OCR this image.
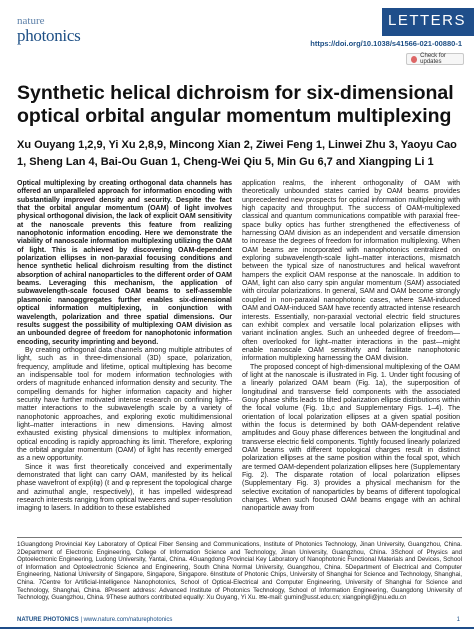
nature
photonics
LETTERS
https://doi.org/10.1038/s41566-021-00880-1
Check for updates
Synthetic helical dichroism for six-dimensional optical orbital angular momentum multiplexing
Xu Ouyang 1,2,9, Yi Xu 2,8,9, Mincong Xian 2, Ziwei Feng 1, Linwei Zhu 3, Yaoyu Cao 1, Sheng Lan 4, Bai-Ou Guan 1, Cheng-Wei Qiu 5, Min Gu 6,7 and Xiangping Li 1

Optical multiplexing by creating orthogonal data channels has offered an unparalleled approach for information encoding with substantially improved density and security. Despite the fact that the orbital angular momentum (OAM) of light involves physical orthogonal division, the lack of explicit OAM sensitivity at the nanoscale prevents this feature from realizing nanophotonic information encoding. Here we demonstrate the viability of nanoscale information multiplexing utilizing the OAM of light. This is achieved by discovering OAM-dependent polarization ellipses in non-paraxial focusing conditions and hence synthetic helical dichroism resulting from the distinct absorption of achiral nanoparticles to the different order of OAM beams. Leveraging this mechanism, the application of subwavelength-scale focused OAM beams to self-assemble plasmonic nanoaggregates further enables six-dimensional optical information multiplexing, in conjunction with wavelength, polarization and three spatial dimensions. Our results suggest the possibility of multiplexing OAM division as an unbounded degree of freedom for nanophotonic information encoding, security imprinting and beyond.

By creating orthogonal data channels among multiple attributes of light, such as in three-dimensional (3D) space, polarization, frequency, amplitude and lifetime, optical multiplexing has become an indispensable tool for modern information technologies with orders of magnitude enhanced information density and security. The compelling demands for higher information capacity and higher security have further motivated intense research on confining light–matter interactions to the subwavelength scale by a variety of nanophotonic approaches, and exploring exotic multidimensional light–matter interactions in new dimensions. Having almost exhausted existing physical dimensions to multiplex information, optical encoding is rapidly approaching its limit. Therefore, exploring the orbital angular momentum (OAM) of light has recently emerged as a new opportunity.

Since it was first theoretically conceived and experimentally demonstrated that light can carry OAM, manifested by its helical phase wavefront of exp(iℓφ) (ℓ and φ represent the topological charge and azimuthal angle, respectively), it has impelled widespread research interests ranging from optical tweezers and super-resolution imaging to lasers. In addition to these established

application realms, the inherent orthogonality of OAM with theoretically unbounded states carried by OAM beams provides unprecedented new prospects for optical information multiplexing with high capacity and throughput. The success of OAM-multiplexed classical and quantum communications compatible with paraxial free-space bulky optics has further strengthened the effectiveness of harnessing OAM division as an independent and versatile dimension to increase the degrees of freedom for information multiplexing. When OAM beams are incorporated with nanophotonics centralized on exploring subwavelength-scale light–matter interactions, mismatch between the typical size of nanostructures and helical wavefront hampers the explicit OAM response at the nanoscale. In addition to OAM, light can also carry spin angular momentum (SAM) associated with circular polarizations. In general, SAM and OAM become strongly coupled in non-paraxial nanophotonic cases, where SAM-induced OAM and OAM-induced SAM have recently attracted intense research interests. Essentially, non-paraxial vectorial electric field structures can exhibit complex and versatile local polarization ellipses with variant inclination angles. Such an unheeded degree of freedom—often overlooked for light–matter interactions in the past—might enable nanoscale OAM sensitivity and facilitate nanophotonic information multiplexing harnessing the OAM division.

The proposed concept of high-dimensional multiplexing of the OAM of light at the nanoscale is illustrated in Fig. 1. Under tight focusing of a linearly polarized OAM beam (Fig. 1a), the superposition of longitudinal and transverse field components with the associated Gouy phase shifts leads to tilted polarization ellipse distributions within the focal volume (Fig. 1b,c and Supplementary Figs. 1–4). The orientation of local polarization ellipses at a given spatial position within the focus is determined by both OAM-dependent relative amplitudes and Gouy phase differences between the longitudinal and transverse electric field components. Tightly focused linearly polarized OAM beams with different topological charges result in distinct polarization ellipses at the same position within the focal spot, which are termed OAM-dependent polarization ellipses here (Supplementary Fig. 2). The disparate rotation of local polarization ellipses (Supplementary Fig. 3) provides a physical mechanism for the selective excitation of nanoparticles by beams of different topological charges. When such focused OAM beams engage with an achiral nanoparticle away from

1Guangdong Provincial Key Laboratory of Optical Fiber Sensing and Communications, Institute of Photonics Technology, Jinan University, Guangzhou, China. 2Department of Electronic Engineering, College of Information Science and Technology, Jinan University, Guangzhou, China. 3School of Physics and Optoelectronic Engineering, Ludong University, Yantai, China. 4Guangdong Provincial Key Laboratory of Nanophotonic Functional Materials and Devices, School of Information and Optoelectronic Science and Engineering, South China Normal University, Guangzhou, China. 5Department of Electrical and Computer Engineering, National University of Singapore, Singapore, Singapore. 6Institute of Photonic Chips, University of Shanghai for Science and Technology, Shanghai, China. 7Centre for Artificial-Intelligence Nanophotonics, School of Optical-Electrical and Computer Engineering, University of Shanghai for Science and Technology, Shanghai, China. 8Present address: Advanced Institute of Photonics Technology, School of Information Engineering, Guangdong University of Technology, Guangzhou, China. 9These authors contributed equally: Xu Ouyang, Yi Xu. ✉e-mail: gumin@usst.edu.cn; xiangpingli@jnu.edu.cn
NATURE PHOTONICS | www.nature.com/naturephotonics	1
